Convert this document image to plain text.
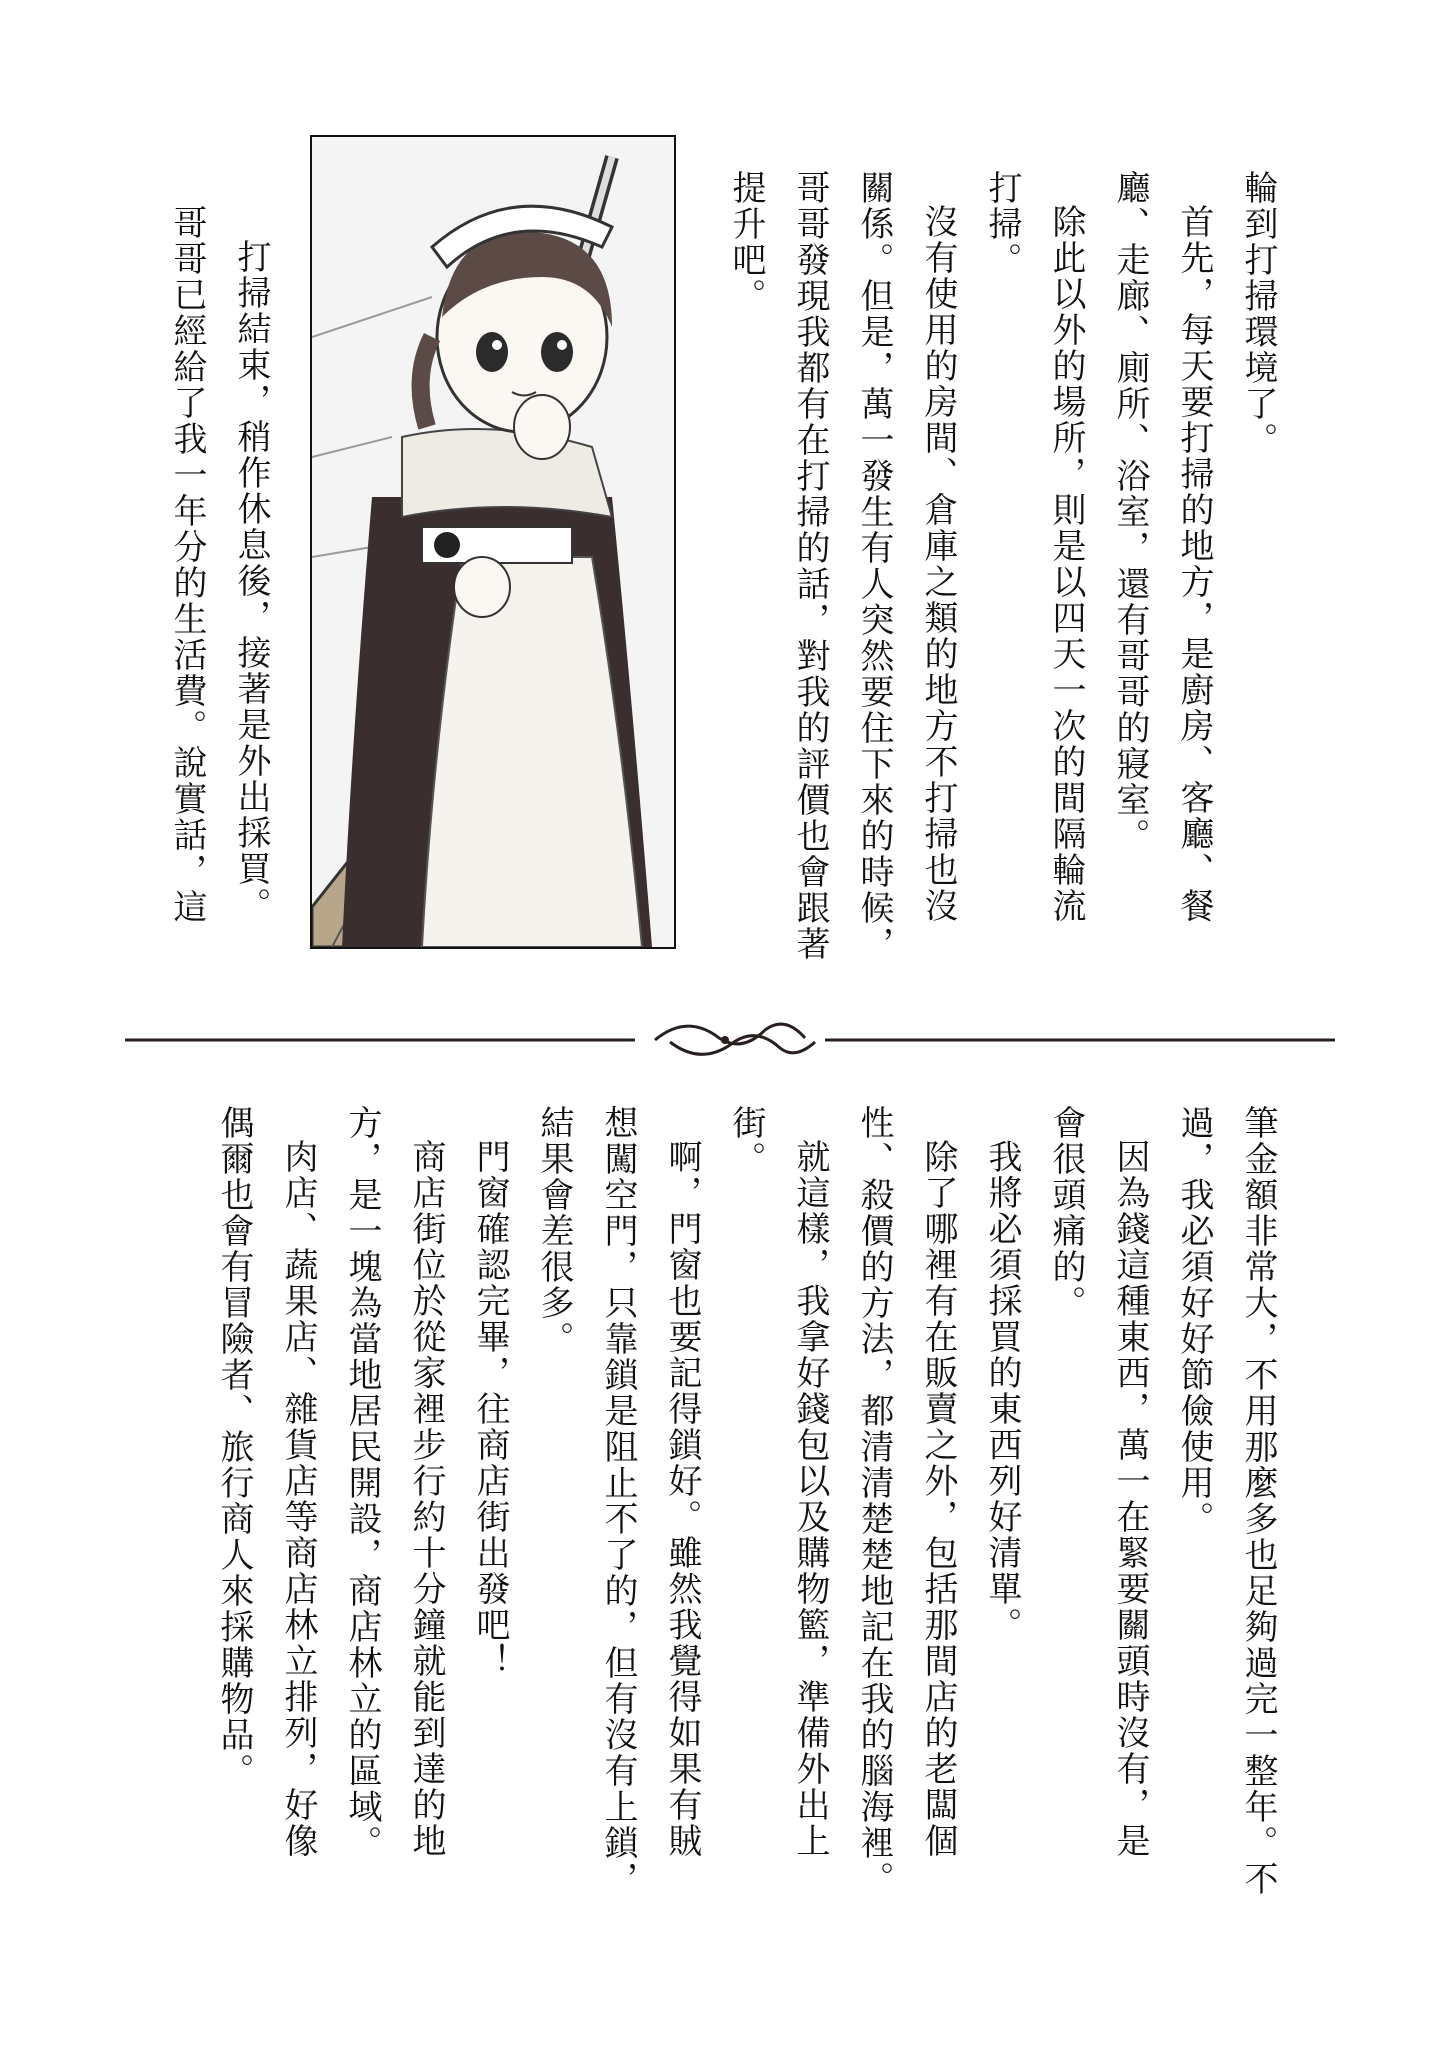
輪到打掃環境了。

首先，每天要打掃的地方，是廚房、客廳、餐

廳、走廊、廁所、浴室，還有哥哥的寢室。

除此以外的場所，則是以四天一次的間隔輪流

打掃。

沒有使用的房間、倉庫之類的地方不打掃也沒

關係。但是，萬一發生有人突然要住下來的時候，

哥哥發現我都有在打掃的話，對我的評價也會跟著

提升吧。

打掃結束，稍作休息後，接著是外出採買。

哥哥已經給了我一年分的生活費。說實話，這

筆金額非常大，不用那麼多也足夠過完一整年。不

過，我必須好好節儉使用。

因為錢這種東西，萬一在緊要關頭時沒有，是

會很頭痛的。

我將必須採買的東西列好清單。

除了哪裡有在販賣之外，包括那間店的老闆個

性、殺價的方法，都清清楚楚地記在我的腦海裡。

就這樣，我拿好錢包以及購物籃，準備外出上

街。

啊，門窗也要記得鎖好。雖然我覺得如果有賊

想闖空門，只靠鎖是阻止不了的，但有沒有上鎖，

結果會差很多。

門窗確認完畢，往商店街出發吧！

商店街位於從家裡步行約十分鐘就能到達的地

方，是一塊為當地居民開設，商店林立的區域。

肉店、蔬果店、雜貨店等商店林立排列，好像

偶爾也會有冒險者、旅行商人來採購物品。
